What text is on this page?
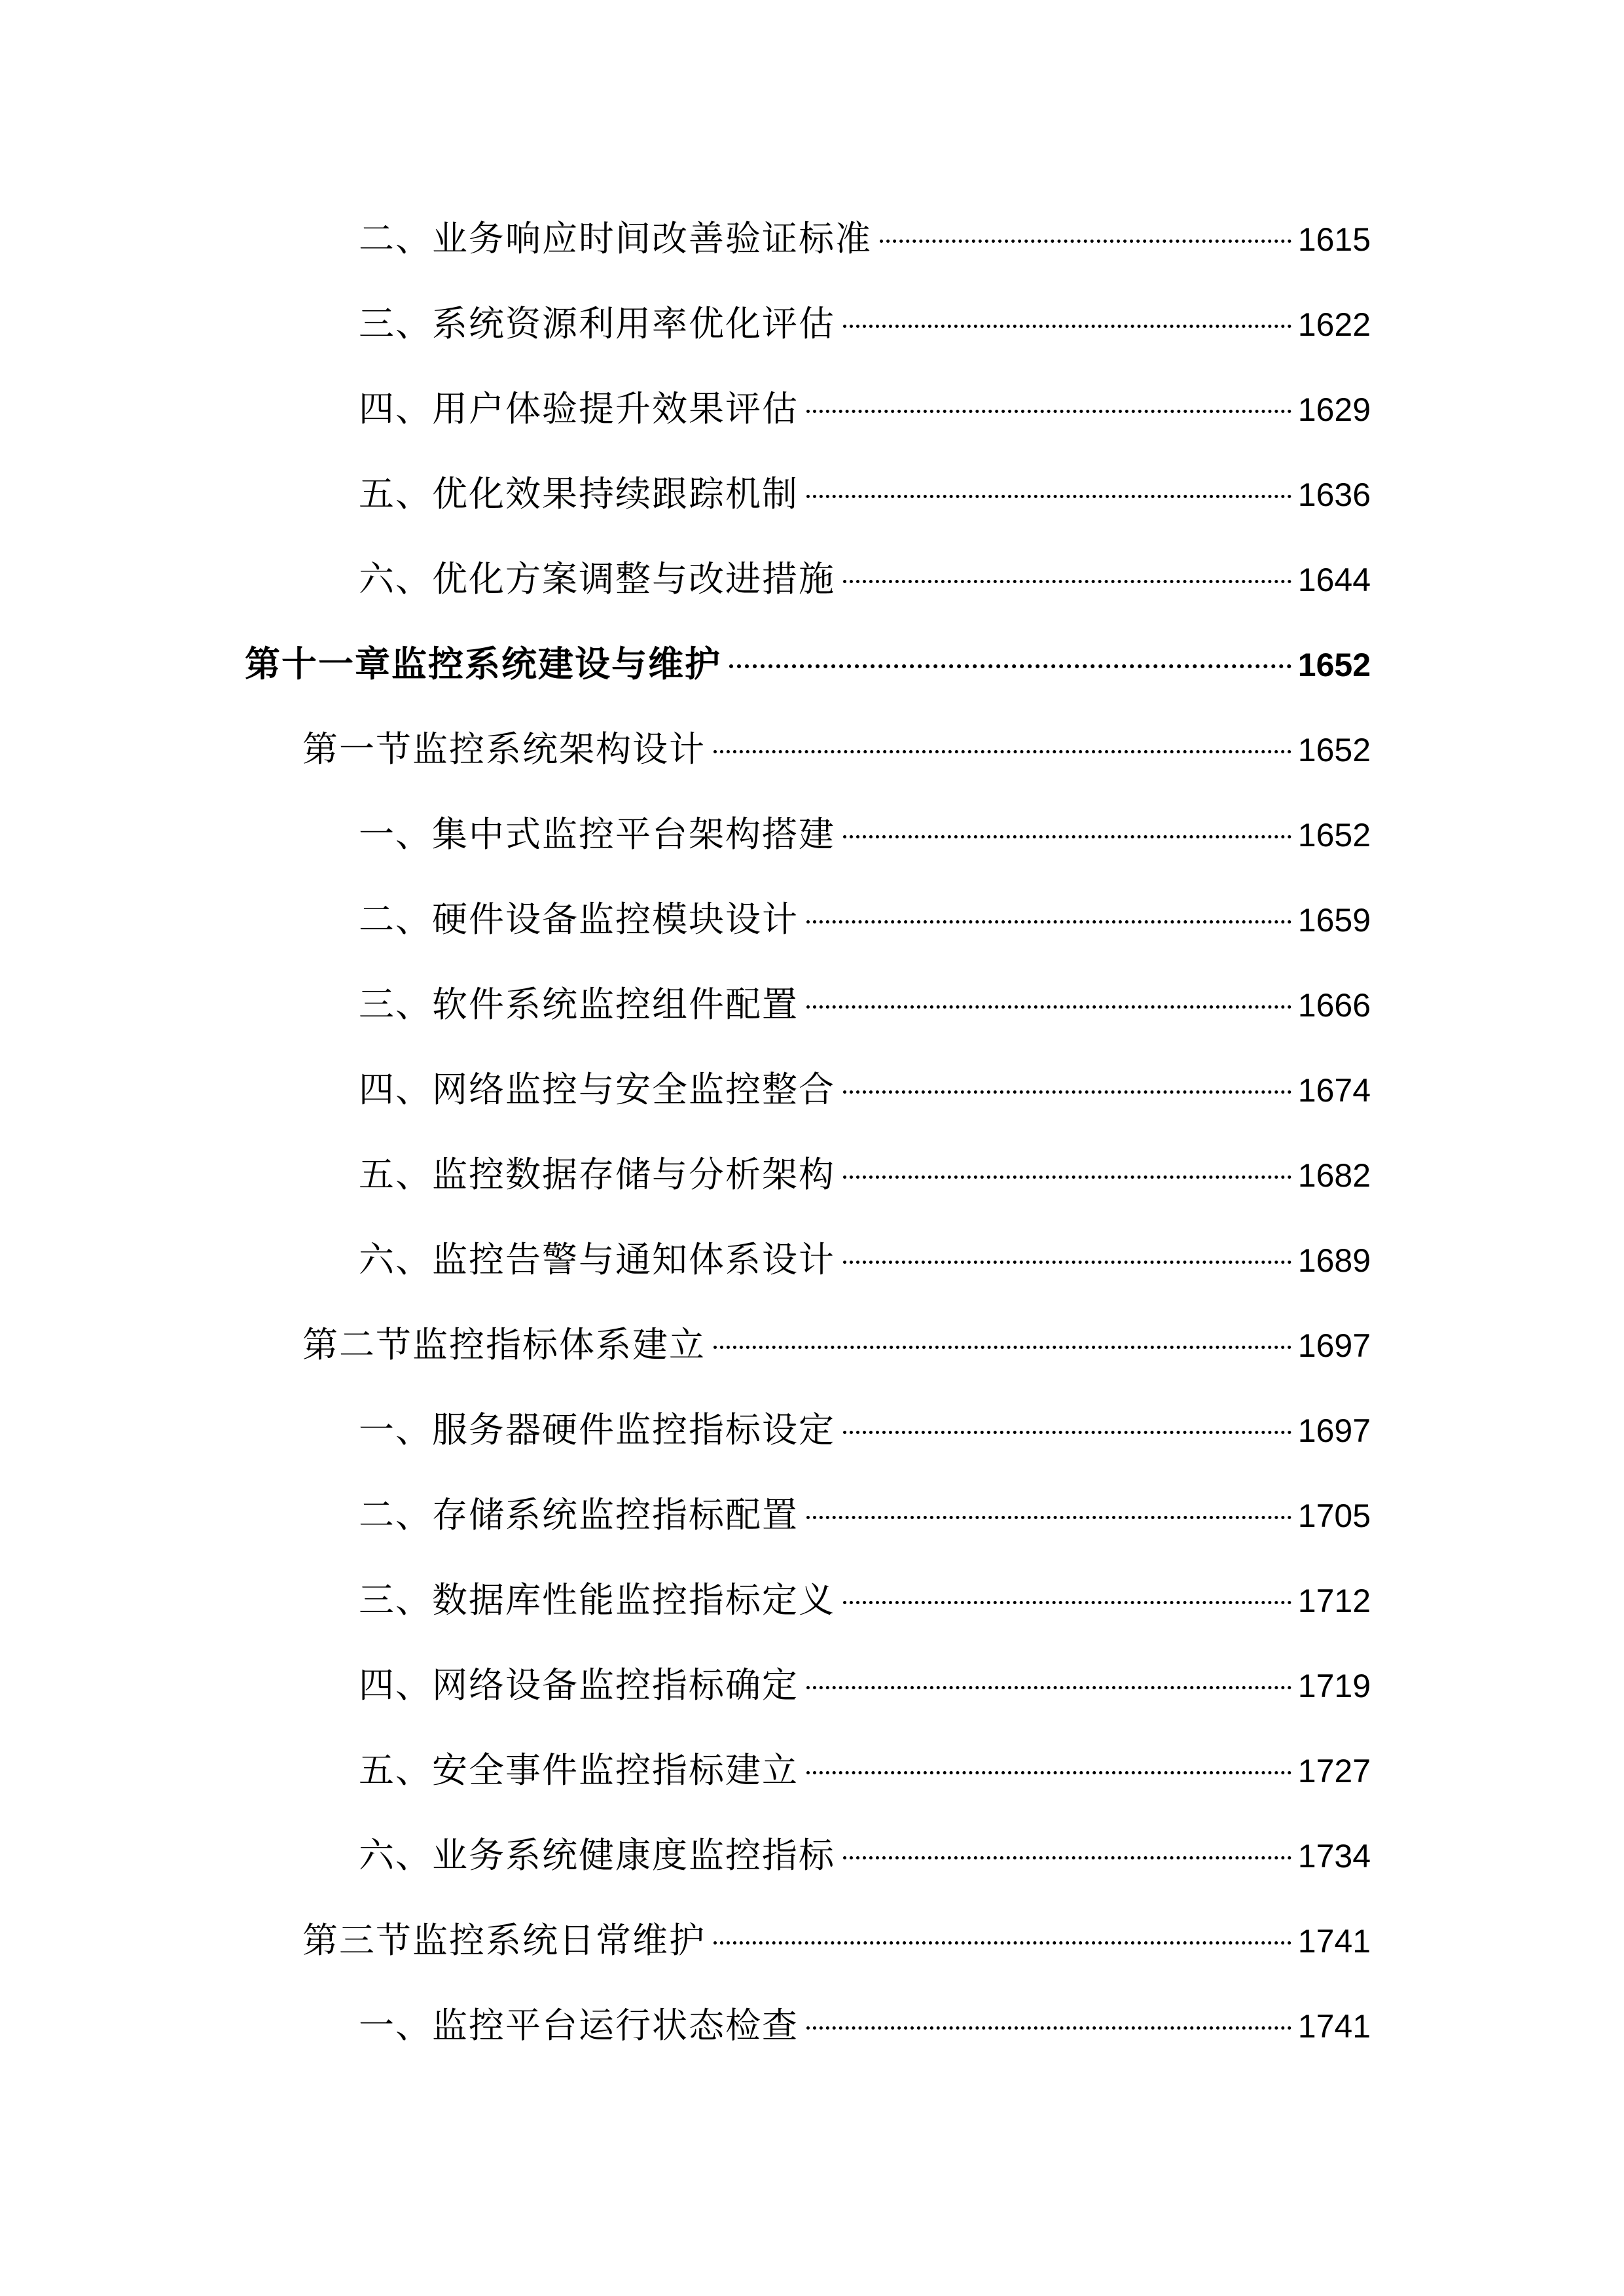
二、业务响应时间改善验证标准	1615
三、系统资源利用率优化评估	1622
四、用户体验提升效果评估	1629
五、优化效果持续跟踪机制	1636
六、优化方案调整与改进措施	1644
第十一章监控系统建设与维护	1652
第一节监控系统架构设计	1652
一、集中式监控平台架构搭建	1652
二、硬件设备监控模块设计	1659
三、软件系统监控组件配置	1666
四、网络监控与安全监控整合	1674
五、监控数据存储与分析架构	1682
六、监控告警与通知体系设计	1689
第二节监控指标体系建立	1697
一、服务器硬件监控指标设定	1697
二、存储系统监控指标配置	1705
三、数据库性能监控指标定义	1712
四、网络设备监控指标确定	1719
五、安全事件监控指标建立	1727
六、业务系统健康度监控指标	1734
第三节监控系统日常维护	1741
一、监控平台运行状态检查	1741
